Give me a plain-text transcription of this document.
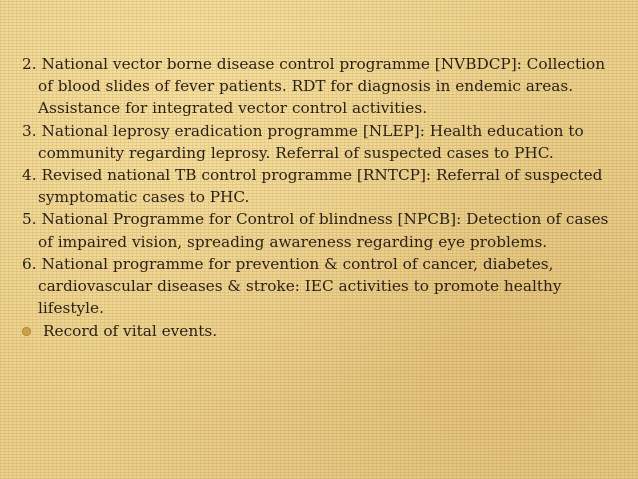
2. National vector borne disease control programme [NVBDCP]: Collection of blood slides of fever patients. RDT for diagnosis in endemic areas. Assistance for integrated vector control activities.

3. National leprosy eradication programme [NLEP]: Health education to community regarding leprosy. Referral of suspected cases to PHC.

4. Revised national TB control programme [RNTCP]: Referral of suspected symptomatic cases to PHC.

5. National Programme for Control of blindness [NPCB]: Detection of cases of impaired vision, spreading awareness regarding eye problems.

6. National programme for prevention & control of cancer, diabetes, cardiovascular diseases & stroke: IEC activities to promote healthy lifestyle.

Record of vital events.
